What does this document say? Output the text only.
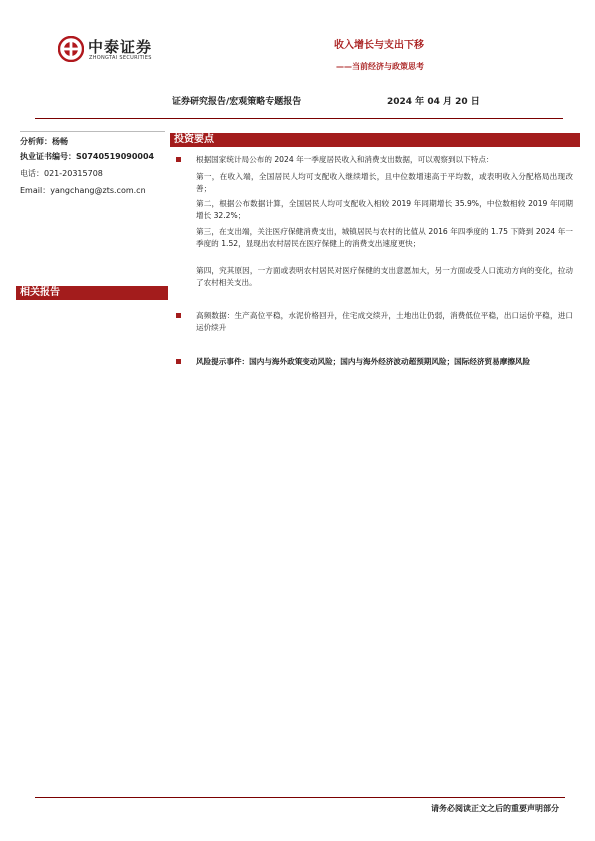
中泰证券
ZHONGTAI SECURITIES
收入增长与支出下移
——当前经济与政策思考
证券研究报告/宏观策略专题报告	2024 年 04 月 20 日
分析师：杨畅
执业证书编号：S0740519090004
电话：021-20315708
Email：yangchang@zts.com.cn
投资要点
相关报告
根据国家统计局公布的 2024 年一季度居民收入和消费支出数据，可以观察到以下特点：
第一，在收入端，全国居民人均可支配收入继续增长，且中位数增速高于平均数，或表明收入分配格局出现改善；
第二，根据公布数据计算，全国居民人均可支配收入相较 2019 年同期增长 35.9%，中位数相较 2019 年同期增长 32.2%；
第三，在支出端，关注医疗保健消费支出，城镇居民与农村的比值从 2016 年四季度的 1.75 下降到 2024 年一季度的 1.52，显现出农村居民在医疗保健上的消费支出速度更快；
第四，究其原因，一方面或表明农村居民对医疗保健的支出意愿加大，另一方面或受人口流动方向的变化，拉动了农村相关支出。
高频数据：生产高位平稳，水泥价格回升，住宅成交续升，土地出让仍弱，消费低位平稳，出口运价平稳，进口运价续升
风险提示事件：国内与海外政策变动风险；国内与海外经济波动超预期风险；国际经济贸易摩擦风险
请务必阅读正文之后的重要声明部分
